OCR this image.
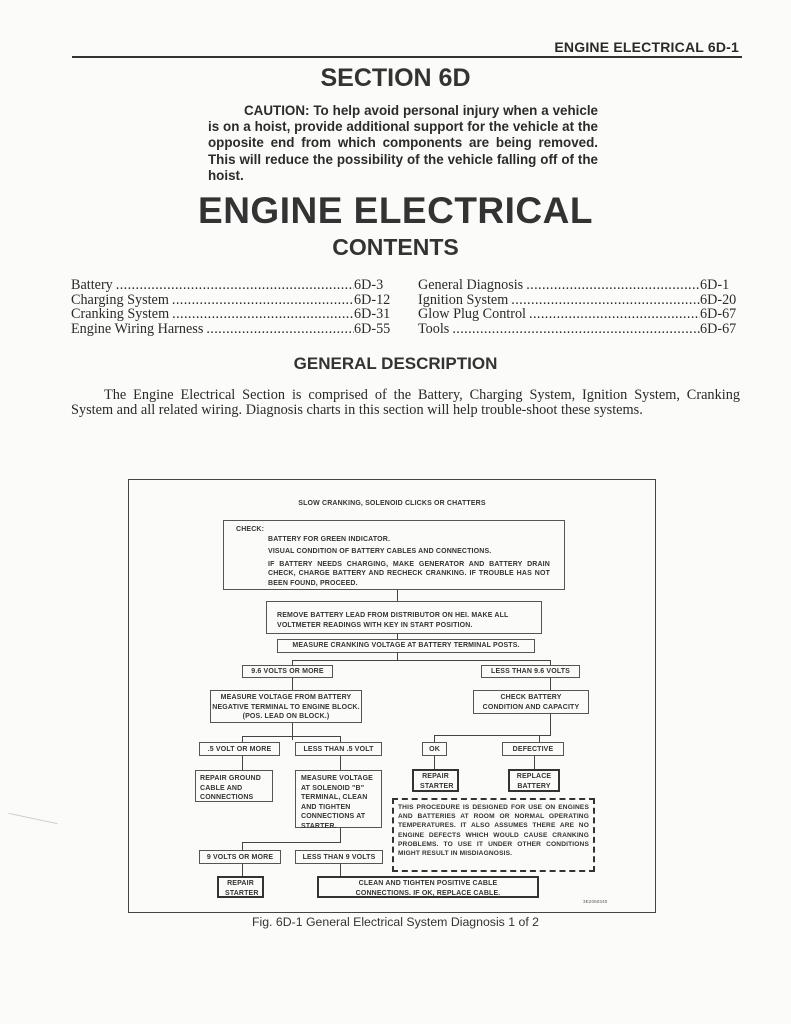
ENGINE ELECTRICAL 6D-1
SECTION 6D
CAUTION: To help avoid personal injury when a vehicle is on a hoist, provide additional support for the vehicle at the opposite end from which components are being removed. This will reduce the possibility of the vehicle falling off of the hoist.
ENGINE ELECTRICAL
CONTENTS
Battery .....	6D-3
Charging System .....	6D-12
Cranking System .....	6D-31
Engine Wiring Harness .....	6D-55
General Diagnosis .....	6D-1
Ignition System .....	6D-20
Glow Plug Control .....	6D-67
Tools .....	6D-67
GENERAL DESCRIPTION
The Engine Electrical Section is comprised of the Battery, Charging System, Ignition System, Cranking System and all related wiring. Diagnosis charts in this section will help trouble-shoot these systems.
SLOW CRANKING, SOLENOID CLICKS OR CHATTERS
CHECK:
BATTERY FOR GREEN INDICATOR.
VISUAL CONDITION OF BATTERY CABLES AND CONNECTIONS.
IF BATTERY NEEDS CHARGING, MAKE GENERATOR AND BATTERY DRAIN CHECK, CHARGE BATTERY AND RECHECK CRANKING. IF TROUBLE HAS NOT BEEN FOUND, PROCEED.
REMOVE BATTERY LEAD FROM DISTRIBUTOR ON HEI. MAKE ALL VOLTMETER READINGS WITH KEY IN START POSITION.
MEASURE CRANKING VOLTAGE AT BATTERY TERMINAL POSTS.
9.6 VOLTS OR MORE	LESS THAN 9.6 VOLTS
MEASURE VOLTAGE FROM BATTERY NEGATIVE TERMINAL TO ENGINE BLOCK. (POS. LEAD ON BLOCK.)
CHECK BATTERY CONDITION AND CAPACITY
.5 VOLT OR MORE	LESS THAN .5 VOLT	OK	DEFECTIVE
REPAIR GROUND CABLE AND CONNECTIONS
MEASURE VOLTAGE AT SOLENOID "B" TERMINAL, CLEAN AND TIGHTEN CONNECTIONS AT STARTER.
REPAIR STARTER
REPLACE BATTERY
THIS PROCEDURE IS DESIGNED FOR USE ON ENGINES AND BATTERIES AT ROOM OR NORMAL OPERATING TEMPERATURES. IT ALSO ASSUMES THERE ARE NO ENGINE DEFECTS WHICH WOULD CAUSE CRANKING PROBLEMS. TO USE IT UNDER OTHER CONDITIONS MIGHT RESULT IN MISDIAGNOSIS.
9 VOLTS OR MORE	LESS THAN 9 VOLTS
REPAIR STARTER
CLEAN AND TIGHTEN POSITIVE CABLE CONNECTIONS. IF OK, REPLACE CABLE.
3E2060340
Fig. 6D-1 General Electrical System Diagnosis 1 of 2
